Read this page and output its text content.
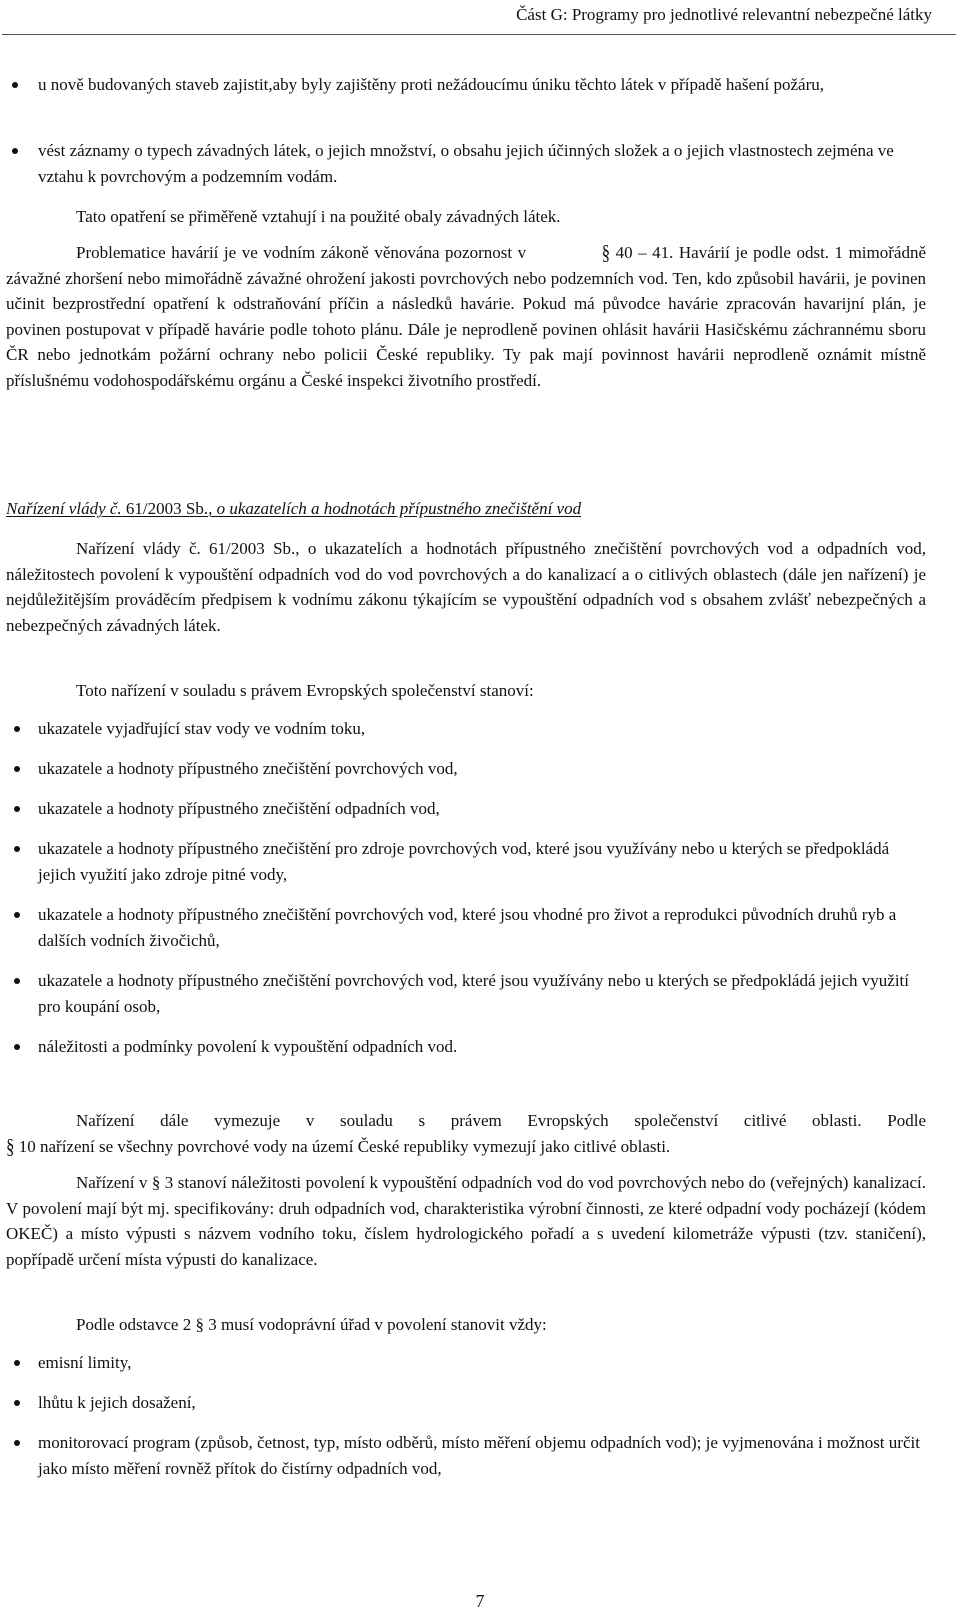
Část G: Programy pro jednotlivé relevantní nebezpečné látky
u nově budovaných staveb zajistit,aby byly zajištěny proti nežádoucímu úniku těchto látek v případě hašení požáru,
vést záznamy o typech závadných látek, o jejich množství, o obsahu jejich účinných složek a o jejich vlastnostech zejména ve vztahu k povrchovým a podzemním vodám.

Tato opatření se přiměřeně vztahují i na použité obaly závadných látek.

Problematice havárií je ve vodním zákoně věnována pozornost v	§ 40 – 41. Havárií je podle odst. 1 mimořádně závažné zhoršení nebo mimořádně závažné ohrožení jakosti povrchových nebo podzemních vod. Ten, kdo způsobil havárii, je povinen učinit bezprostřední opatření k odstraňování příčin a následků havárie. Pokud má původce havárie zpracován havarijní plán, je povinen postupovat v případě havárie podle tohoto plánu. Dále je neprodleně povinen ohlásit havárii Hasičskému záchrannému sboru ČR nebo jednotkám požární ochrany nebo policii České republiky. Ty pak mají povinnost havárii neprodleně oznámit místně příslušnému vodohospodářskému orgánu a České inspekci životního prostředí.

Nařízení vlády č. 61/2003 Sb., o ukazatelích a hodnotách přípustného znečištění vod

Nařízení vlády č. 61/2003 Sb., o ukazatelích a hodnotách přípustného znečištění povrchových vod a odpadních vod, náležitostech povolení k vypouštění odpadních vod do vod povrchových a do kanalizací a o citlivých oblastech (dále jen nařízení) je nejdůležitějším prováděcím předpisem k vodnímu zákonu týkajícím se vypouštění odpadních vod s obsahem zvlášť nebezpečných a nebezpečných závadných látek.

Toto nařízení v souladu s právem Evropských společenství stanoví:

ukazatele vyjadřující stav vody ve vodním toku,
ukazatele a hodnoty přípustného znečištění povrchových vod,
ukazatele a hodnoty přípustného znečištění odpadních vod,
ukazatele a hodnoty přípustného znečištění pro zdroje povrchových vod, které jsou využívány nebo u kterých se předpokládá jejich využití jako zdroje pitné vody,
ukazatele a hodnoty přípustného znečištění povrchových vod, které jsou vhodné pro život a reprodukci původních druhů ryb a dalších vodních živočichů,
ukazatele a hodnoty přípustného znečištění povrchových vod, které jsou využívány nebo u kterých se předpokládá jejich využití pro koupání osob,
náležitosti a podmínky povolení k vypouštění odpadních vod.
Nařízení dále vymezuje v souladu s právem Evropských společenství citlivé oblasti. Podle
§ 10 nařízení se všechny povrchové vody na území České republiky vymezují jako citlivé oblasti.

Nařízení v § 3 stanoví náležitosti povolení k vypouštění odpadních vod do vod povrchových nebo do (veřejných) kanalizací. V povolení mají být mj. specifikovány: druh odpadních vod, charakteristika výrobní činnosti, ze které odpadní vody pocházejí (kódem OKEČ) a místo výpusti s názvem vodního toku, číslem hydrologického pořadí a s uvedení kilometráže výpusti (tzv. staničení), popřípadě určení místa výpusti do kanalizace.

Podle odstavce 2 § 3 musí vodoprávní úřad v povolení stanovit vždy:

emisní limity,
lhůtu k jejich dosažení,
monitorovací program (způsob, četnost, typ, místo odběrů, místo měření objemu odpadních vod); je vyjmenována i možnost určit jako místo měření rovněž přítok do čistírny odpadních vod,
7
